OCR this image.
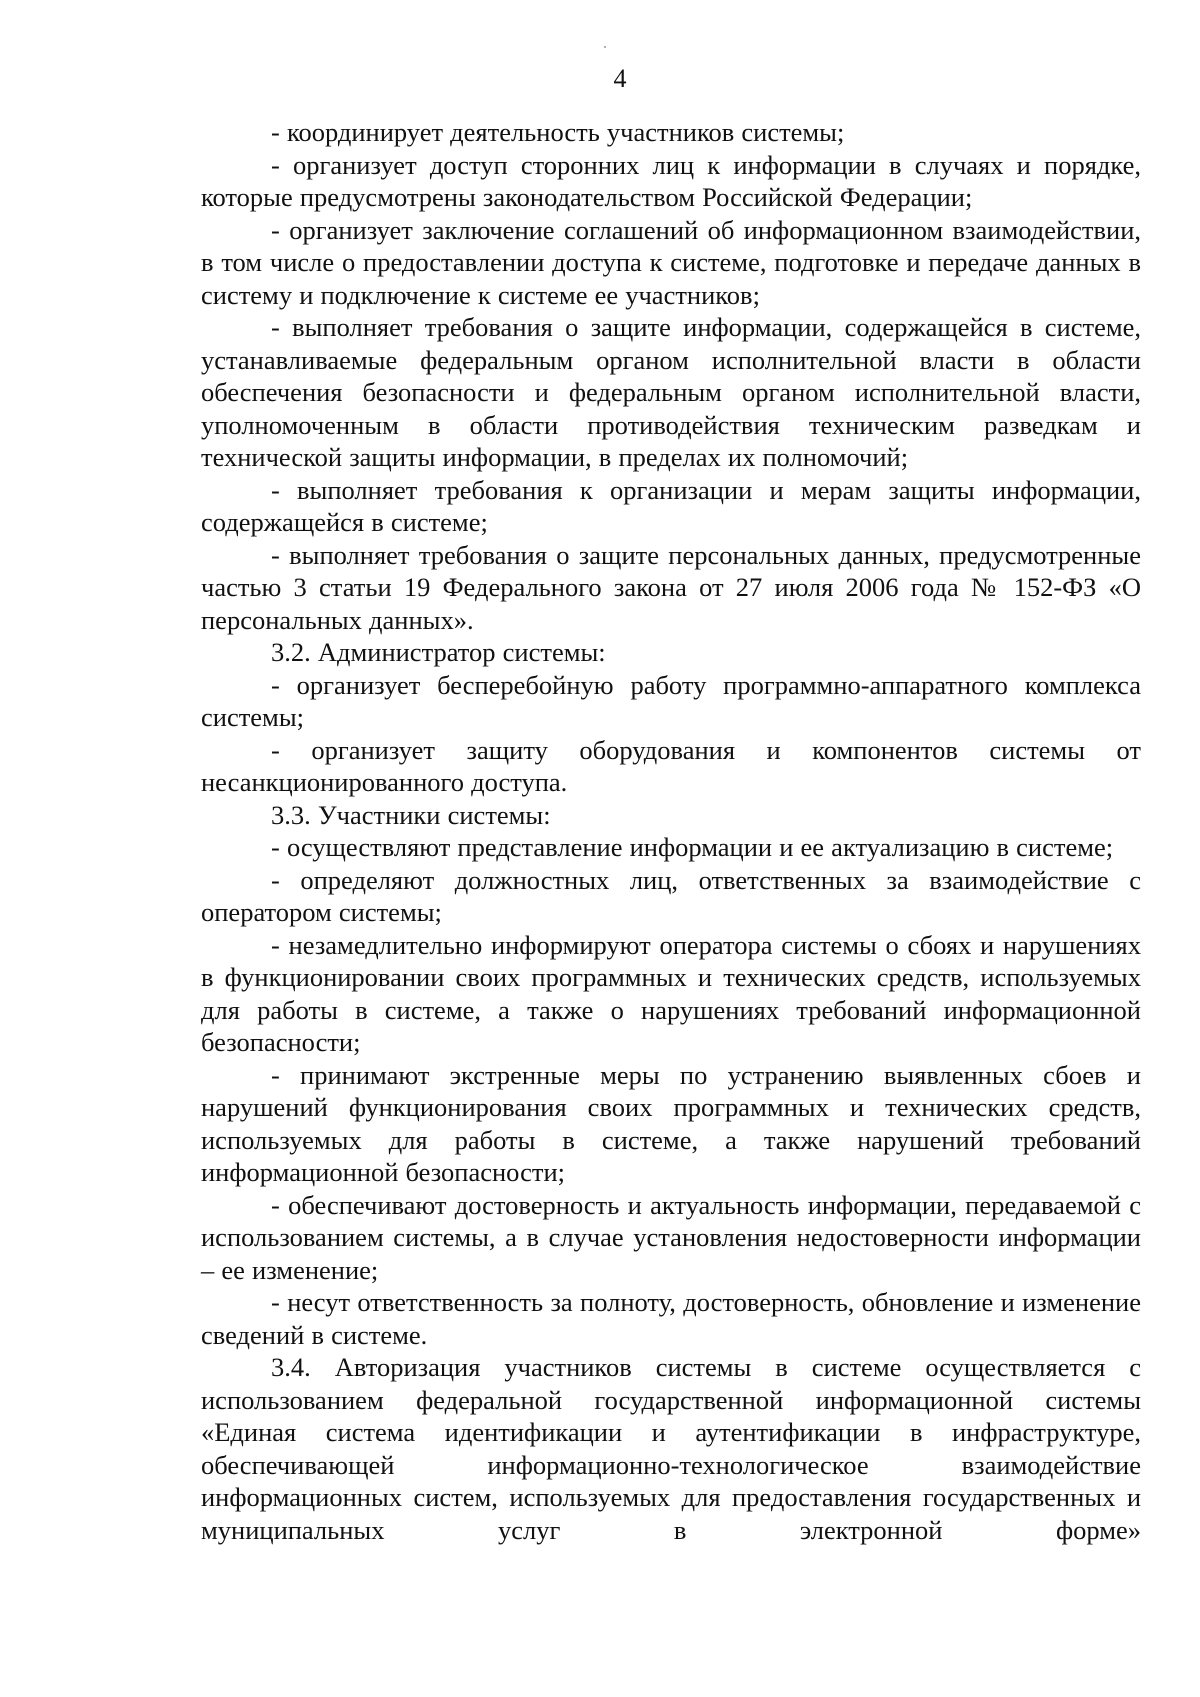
4

- координирует деятельность участников системы;

- организует доступ сторонних лиц к информации в случаях и порядке, которые предусмотрены законодательством Российской Федерации;

- организует заключение соглашений об информационном взаимодействии, в том числе о предоставлении доступа к системе, подготовке и передаче данных в систему и подключение к системе ее участников;

- выполняет требования о защите информации, содержащейся в системе, устанавливаемые федеральным органом исполнительной власти в области обеспечения безопасности и федеральным органом исполнительной власти, уполномоченным в области противодействия техническим разведкам и технической защиты информации, в пределах их полномочий;

- выполняет требования к организации и мерам защиты информации, содержащейся в системе;

- выполняет требования о защите персональных данных, предусмотренные частью 3 статьи 19 Федерального закона от 27 июля 2006 года № 152-ФЗ «О персональных данных».

3.2. Администратор системы:

- организует бесперебойную работу программно-аппаратного комплекса системы;

- организует защиту оборудования и компонентов системы от несанкционированного доступа.

3.3. Участники системы:

- осуществляют представление информации и ее актуализацию в системе;

- определяют должностных лиц, ответственных за взаимодействие с оператором системы;

- незамедлительно информируют оператора системы о сбоях и нарушениях в функционировании своих программных и технических средств, используемых для работы в системе, а также о нарушениях требований информационной безопасности;

- принимают экстренные меры по устранению выявленных сбоев и нарушений функционирования своих программных и технических средств, используемых для работы в системе, а также нарушений требований информационной безопасности;

- обеспечивают достоверность и актуальность информации, передаваемой с использованием системы, а в случае установления недостоверности информации – ее изменение;

- несут ответственность за полноту, достоверность, обновление и изменение сведений в системе.

3.4. Авторизация участников системы в системе осуществляется с использованием федеральной государственной информационной системы «Единая система идентификации и аутентификации в инфраструктуре, обеспечивающей информационно-технологическое взаимодействие информационных систем, используемых для предоставления государственных и муниципальных услуг в электронной форме»
